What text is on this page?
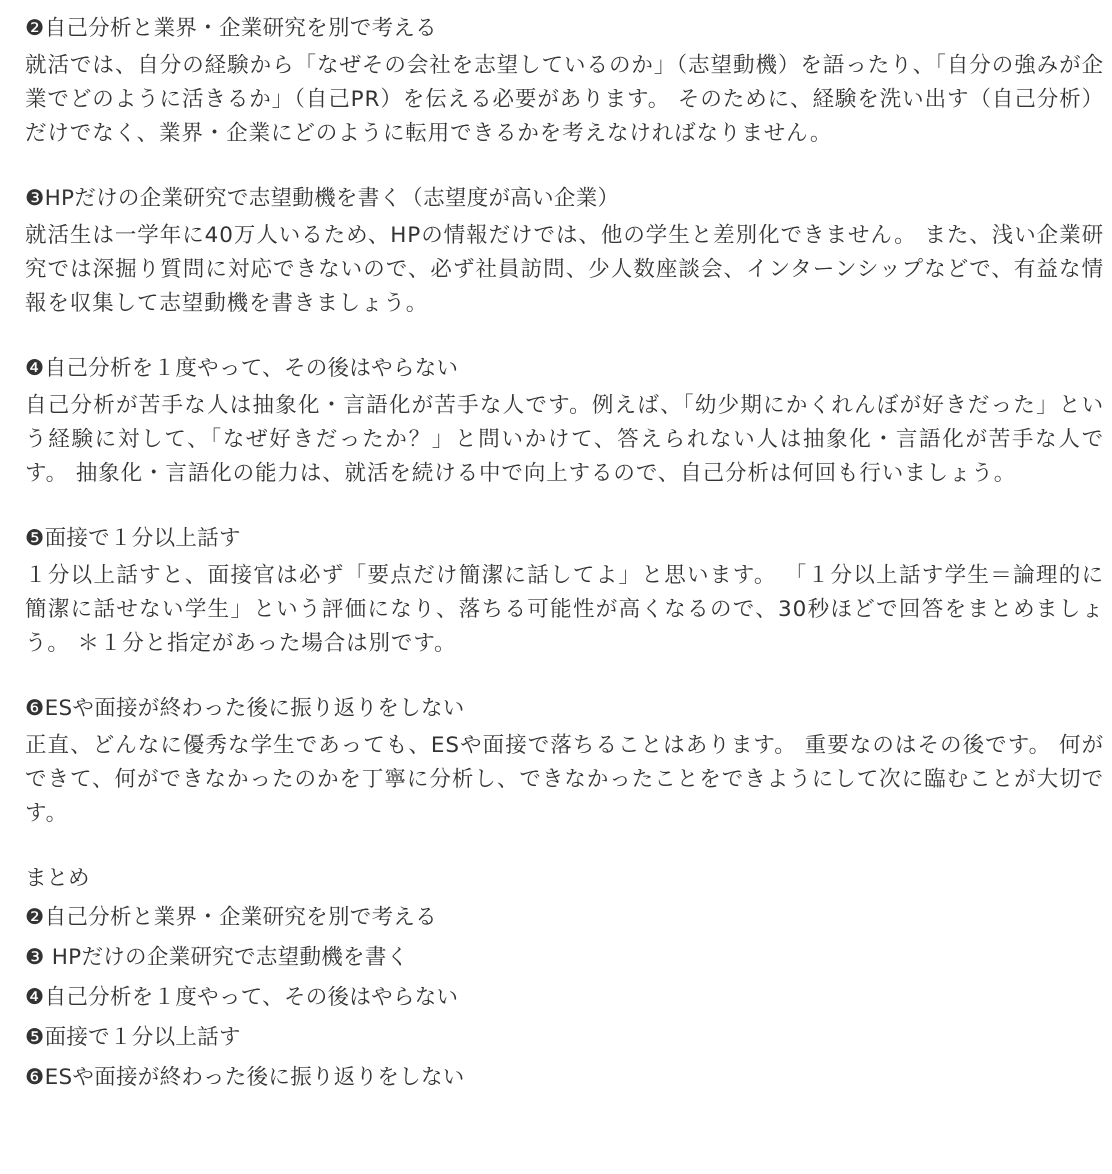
❷自己分析と業界・企業研究を別で考える

就活では、自分の経験から「なぜその会社を志望しているのか」（志望動機）を語ったり、「自分の強みが企業でどのように活きるか」（自己PR）を伝える必要があります。 そのために、経験を洗い出す（自己分析）だけでなく、業界・企業にどのように転用できるかを考えなければなりません。

❸HPだけの企業研究で志望動機を書く（志望度が高い企業）

就活生は一学年に40万人いるため、HPの情報だけでは、他の学生と差別化できません。 また、浅い企業研究では深掘り質問に対応できないので、必ず社員訪問、少人数座談会、インターンシップなどで、有益な情報を収集して志望動機を書きましょう。

❹自己分析を１度やって、その後はやらない

自己分析が苦手な人は抽象化・言語化が苦手な人です。例えば、「幼少期にかくれんぼが好きだった」という経験に対して、「なぜ好きだったか？」と問いかけて、答えられない人は抽象化・言語化が苦手な人です。 抽象化・言語化の能力は、就活を続ける中で向上するので、自己分析は何回も行いましょう。

❺面接で１分以上話す

１分以上話すと、面接官は必ず「要点だけ簡潔に話してよ」と思います。 「１分以上話す学生＝論理的に簡潔に話せない学生」という評価になり、落ちる可能性が高くなるので、30秒ほどで回答をまとめましょう。 ＊１分と指定があった場合は別です。

❻ESや面接が終わった後に振り返りをしない

正直、どんなに優秀な学生であっても、ESや面接で落ちることはあります。 重要なのはその後です。 何ができて、何ができなかったのかを丁寧に分析し、できなかったことをできようにして次に臨むことが大切です。

まとめ
❷自己分析と業界・企業研究を別で考える
❸ HPだけの企業研究で志望動機を書く
❹自己分析を１度やって、その後はやらない
❺面接で１分以上話す
❻ESや面接が終わった後に振り返りをしない
